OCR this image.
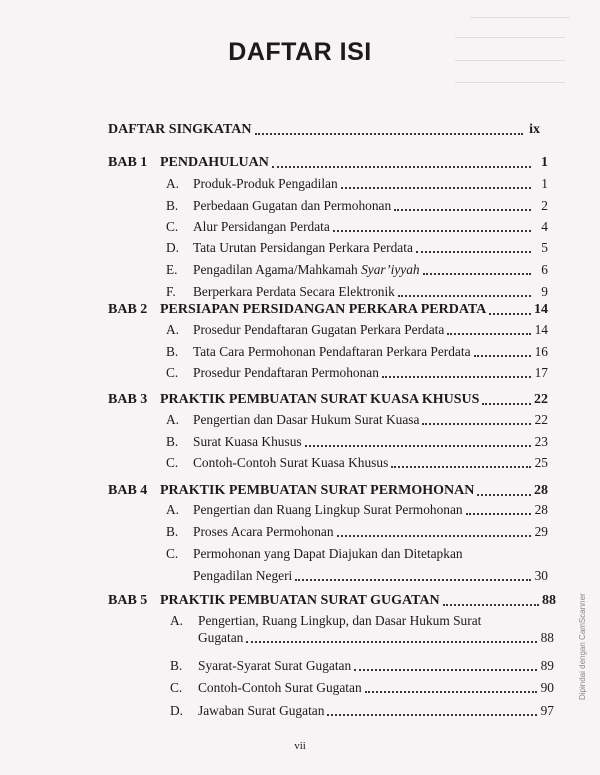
DAFTAR ISI
DAFTAR SINGKATAN	ix
BAB 1 PENDAHULUAN	1
A. Produk-Produk Pengadilan	1
B. Perbedaan Gugatan dan Permohonan	2
C. Alur Persidangan Perdata	4
D. Tata Urutan Persidangan Perkara Perdata	5
E. Pengadilan Agama/Mahkamah Syar’iyyah	6
F. Berperkara Perdata Secara Elektronik	9
BAB 2 PERSIAPAN PERSIDANGAN PERKARA PERDATA	14
A. Prosedur Pendaftaran Gugatan Perkara Perdata	14
B. Tata Cara Permohonan Pendaftaran Perkara Perdata	16
C. Prosedur Pendaftaran Permohonan	17
BAB 3 PRAKTIK PEMBUATAN SURAT KUASA KHUSUS	22
A. Pengertian dan Dasar Hukum Surat Kuasa	22
B. Surat Kuasa Khusus	23
C. Contoh-Contoh Surat Kuasa Khusus	25
BAB 4 PRAKTIK PEMBUATAN SURAT PERMOHONAN	28
A. Pengertian dan Ruang Lingkup Surat Permohonan	28
B. Proses Acara Permohonan	29
C. Permohonan yang Dapat Diajukan dan Ditetapkan
Pengadilan Negeri	30
BAB 5 PRAKTIK PEMBUATAN SURAT GUGATAN	88
A. Pengertian, Ruang Lingkup, dan Dasar Hukum Surat
Gugatan	88
B. Syarat-Syarat Surat Gugatan	89
C. Contoh-Contoh Surat Gugatan	90
D. Jawaban Surat Gugatan	97
vii
Dipindai dengan CamScanner
